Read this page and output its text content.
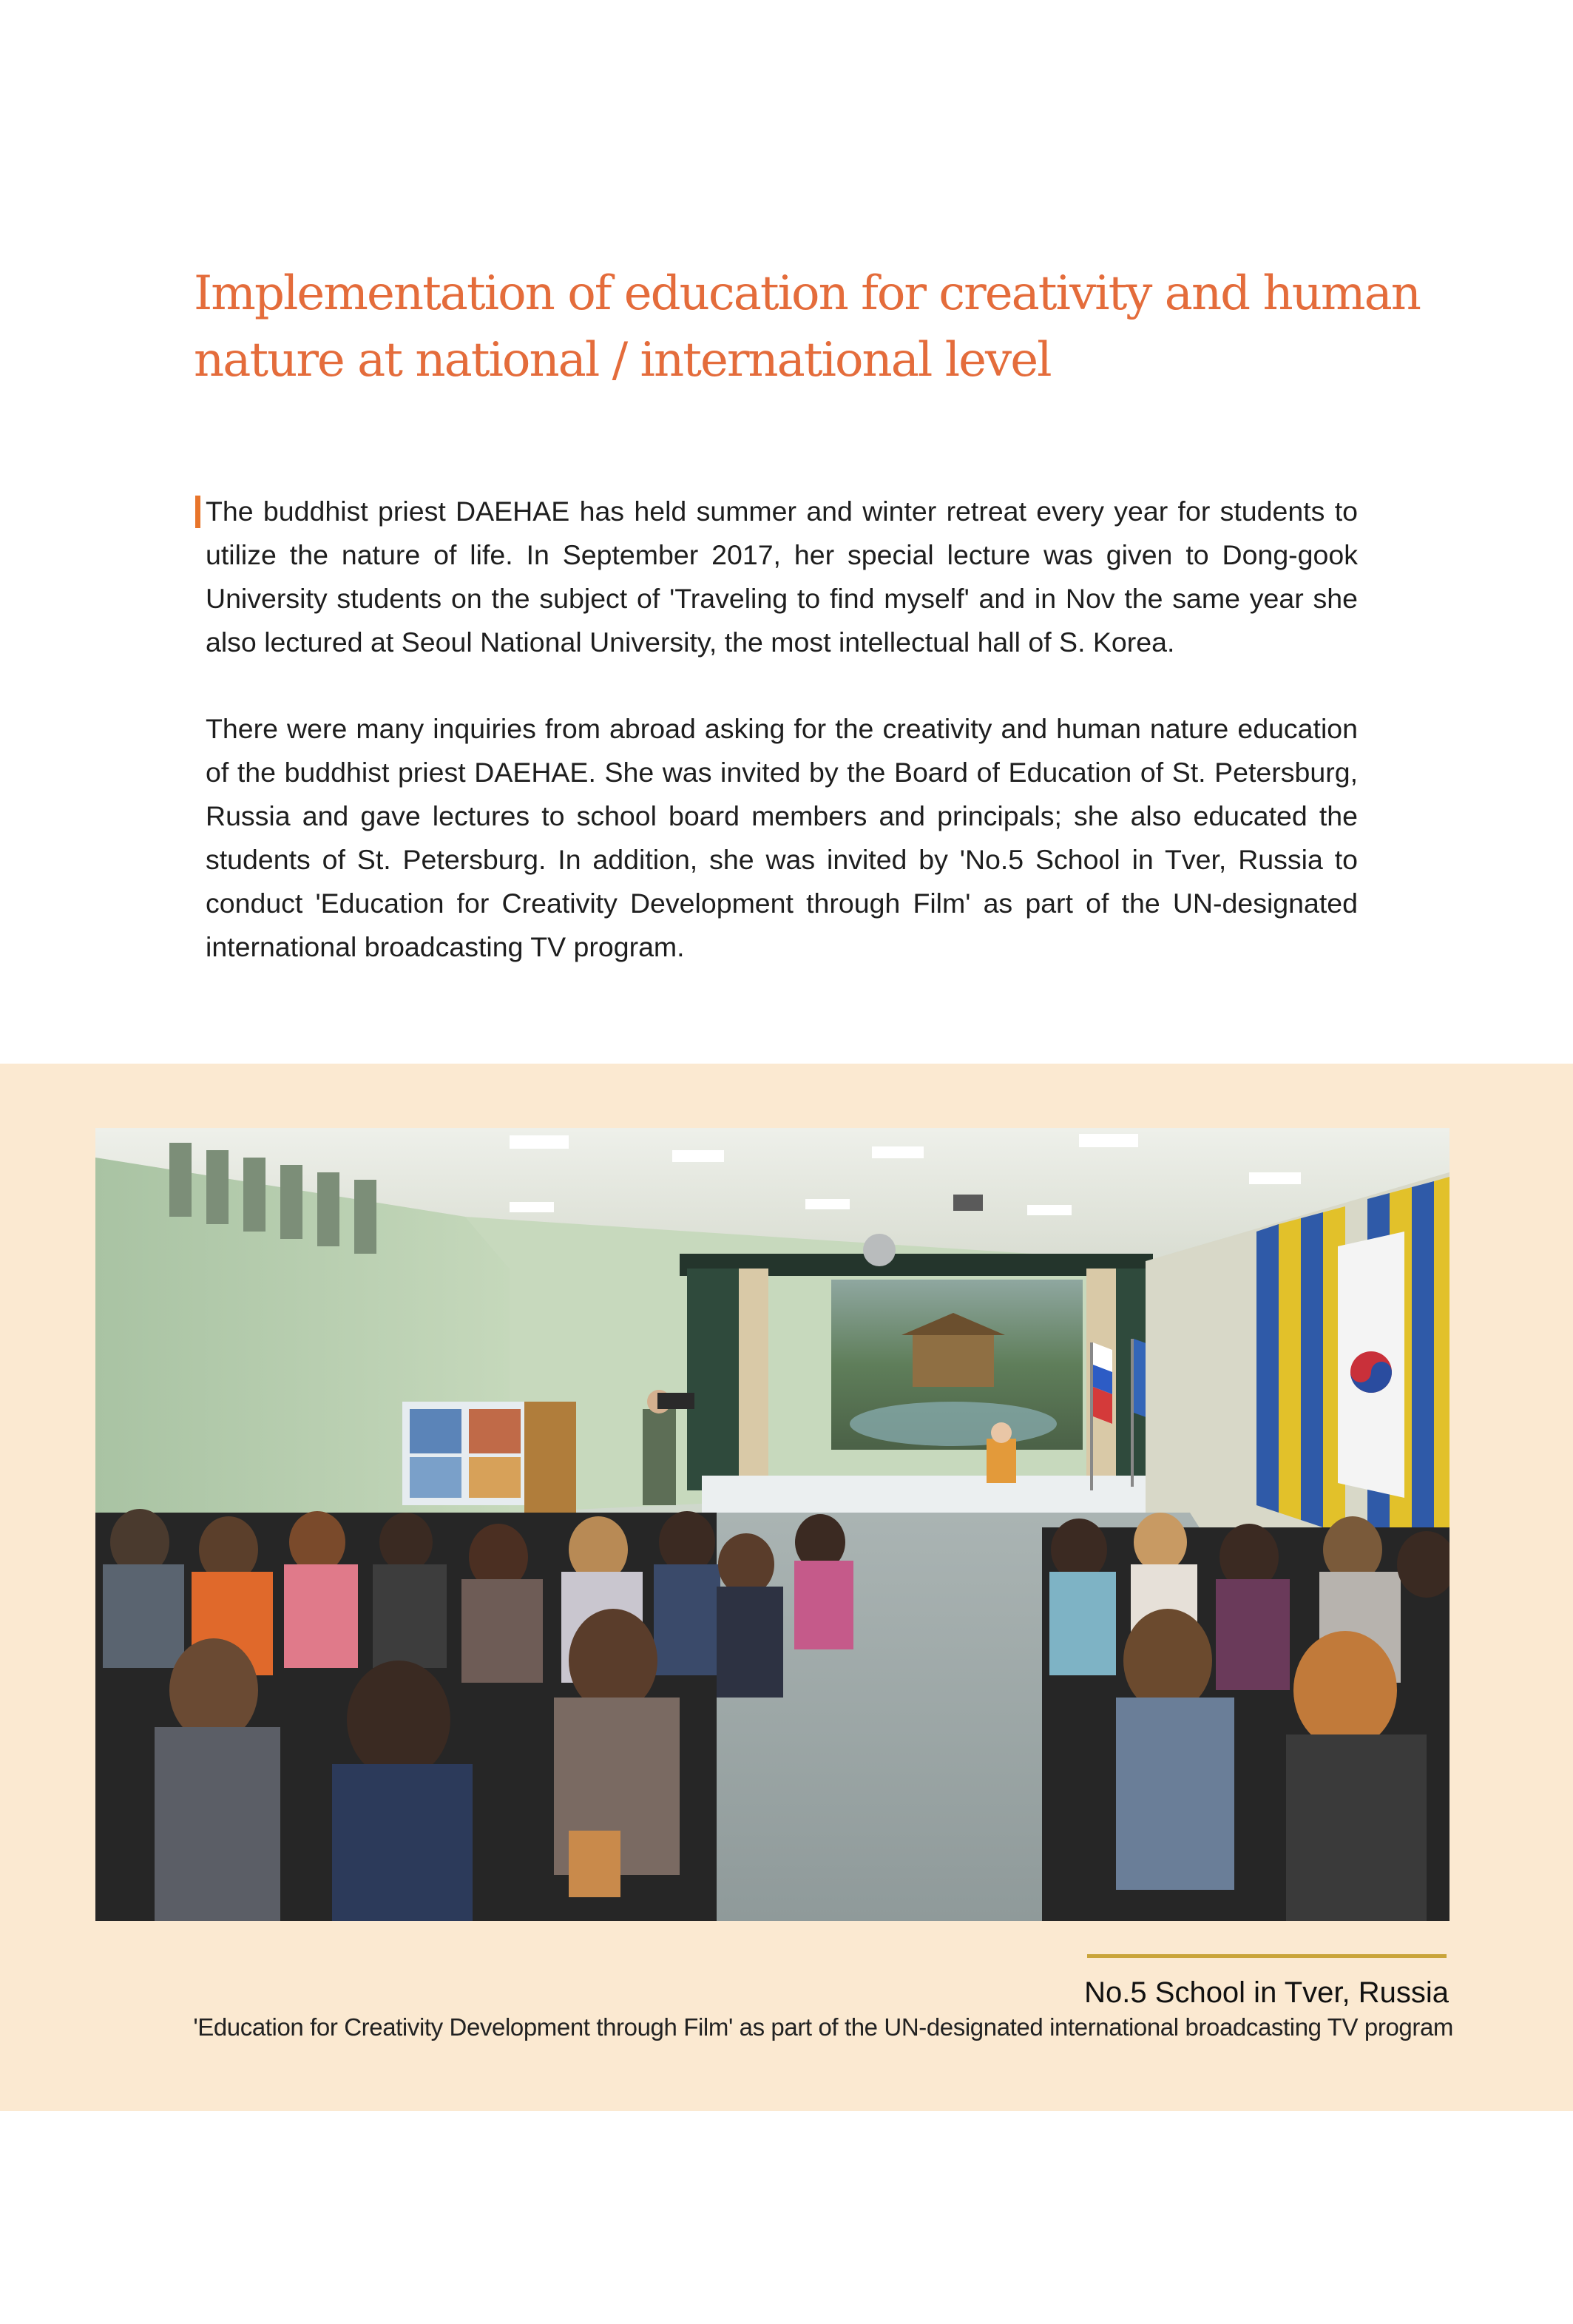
Implementation of education for creativity and human
nature at national / international level

The buddhist priest DAEHAE has held summer and winter retreat every year for students to utilize the nature of life. In September 2017, her special lecture was given to Dong-gook University students on the subject of 'Traveling to find myself' and in Nov the same year she also lectured at Seoul National University, the most intellectual hall of S. Korea.

There were many inquiries from abroad asking for the creativity and human nature education of the buddhist priest DAEHAE. She was invited by the Board of Education of St. Petersburg, Russia and gave lectures to school board members and principals; she also educated the students of St. Petersburg. In addition, she was invited by 'No.5 School in Tver, Russia to conduct 'Education for Creativity Development through Film' as part of the UN-designated international broadcasting TV program.

No.5 School in Tver, Russia

'Education for Creativity Development through Film' as part of the UN-designated international broadcasting TV program
